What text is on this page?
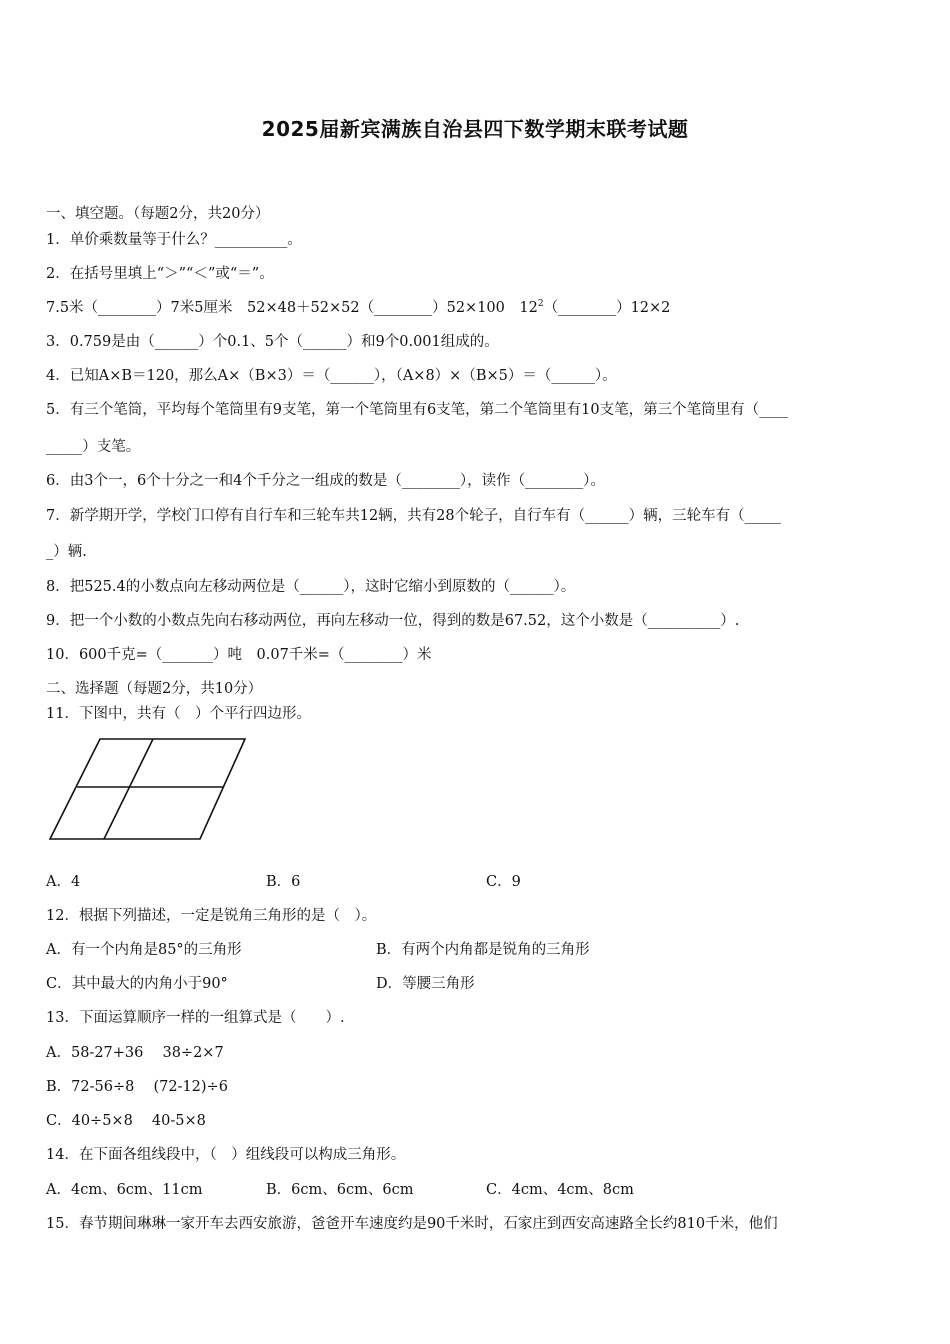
2025届新宾满族自治县四下数学期末联考试题
一、填空题。（每题2分，共20分）
1．单价乘数量等于什么？__________。
2．在括号里填上“＞”“＜”或“＝”。
7.5米（________）7米5厘米　52×48＋52×52（________）52×100　$12^2(\_\_\_\_\_\_\_\_)12\times 2$
3．0.759是由（______）个0.1、5个（______）和9个0.001组成的。
4．已知A×B＝120，那么A×（B×3）＝（______），（A×8）×（B×5）＝（______）。
5．有三个笔筒，平均每个笔筒里有9支笔，第一个笔筒里有6支笔，第二个笔筒里有10支笔，第三个笔筒里有（____
_____）支笔。
6．由3个一，6个十分之一和4个千分之一组成的数是（________），读作（________）。
7．新学期开学，学校门口停有自行车和三轮车共12辆，共有28个轮子，自行车有（______）辆，三轮车有（_____
_）辆.
8．把525.4的小数点向左移动两位是（______），这时它缩小到原数的（______）。
9．把一个小数的小数点先向右移动两位，再向左移动一位，得到的数是67.52，这个小数是（__________）.
10．600千克=（_______）吨　0.07千米=（________）米
二、选择题（每题2分，共10分）
11．下图中，共有（　）个平行四边形。
A．4	B．6	C．9
12．根据下列描述，一定是锐角三角形的是（　）。
A．有一个内角是85°的三角形	B．有两个内角都是锐角的三角形
C．其中最大的内角小于90°	D．等腰三角形
13．下面运算顺序一样的一组算式是（　　）.
A．58-27+36　 38÷2×7
B．72-56÷8　 (72-12)÷6
C．40÷5×8　 40-5×8
14．在下面各组线段中，（　）组线段可以构成三角形。
A．4cm、6cm、11cm	B．6cm、6cm、6cm	C．4cm、4cm、8cm
15．春节期间琳琳一家开车去西安旅游，爸爸开车速度约是90千米时，石家庄到西安高速路全长约810千米，他们
